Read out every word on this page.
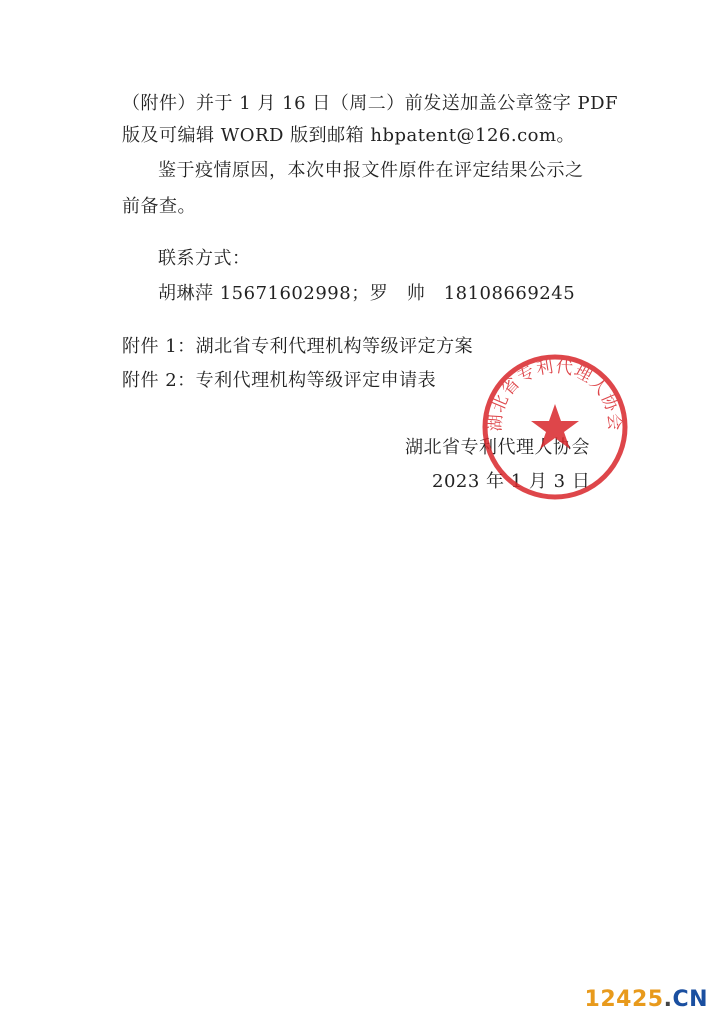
（附件）并于 1 月 16 日（周二）前发送加盖公章签字 PDF
版及可编辑 WORD 版到邮箱 hbpatent@126.com。
鉴于疫情原因，本次申报文件原件在评定结果公示之
前备查。
联系方式：
胡琳萍 15671602998；罗　帅　18108669245
附件 1：湖北省专利代理机构等级评定方案
附件 2：专利代理机构等级评定申请表
湖北省专利代理人协会
2023 年 1 月 3 日
湖北省专利代理人协会
12425.CN
